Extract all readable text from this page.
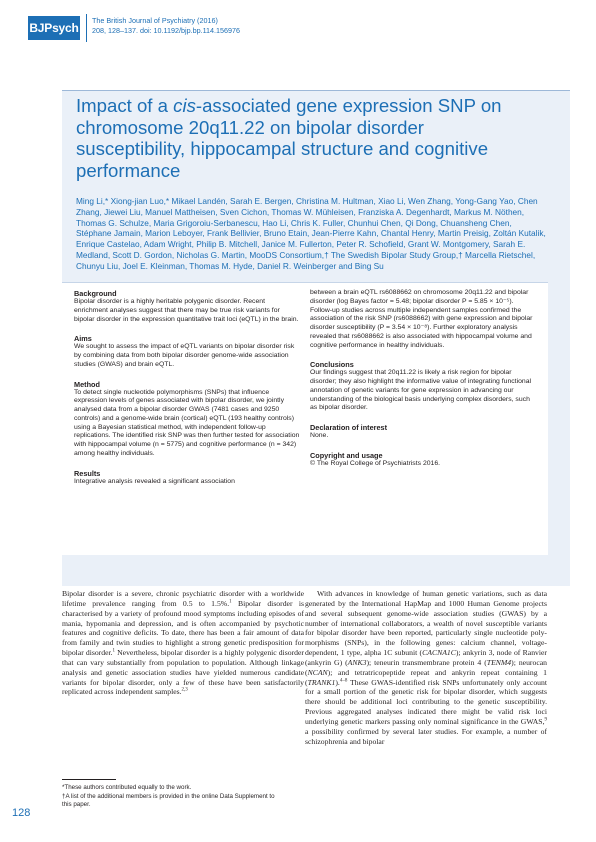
BJPsych
The British Journal of Psychiatry (2016)
208, 128–137. doi: 10.1192/bjp.bp.114.156976
Impact of a cis-associated gene expression SNP on chromosome 20q11.22 on bipolar disorder susceptibility, hippocampal structure and cognitive performance
Ming Li,* Xiong-jian Luo,* Mikael Landén, Sarah E. Bergen, Christina M. Hultman, Xiao Li, Wen Zhang, Yong-Gang Yao, Chen Zhang, Jiewei Liu, Manuel Mattheisen, Sven Cichon, Thomas W. Mühleisen, Franziska A. Degenhardt, Markus M. Nöthen, Thomas G. Schulze, Maria Grigoroiu-Serbanescu, Hao Li, Chris K. Fuller, Chunhui Chen, Qi Dong, Chuansheng Chen, Stéphane Jamain, Marion Leboyer, Frank Bellivier, Bruno Etain, Jean-Pierre Kahn, Chantal Henry, Martin Preisig, Zoltán Kutalik, Enrique Castelao, Adam Wright, Philip B. Mitchell, Janice M. Fullerton, Peter R. Schofield, Grant W. Montgomery, Sarah E. Medland, Scott D. Gordon, Nicholas G. Martin, MooDS Consortium,† The Swedish Bipolar Study Group,† Marcella Rietschel, Chunyu Liu, Joel E. Kleinman, Thomas M. Hyde, Daniel R. Weinberger and Bing Su
Background

Bipolar disorder is a highly heritable polygenic disorder. Recent enrichment analyses suggest that there may be true risk variants for bipolar disorder in the expression quantitative trait loci (eQTL) in the brain.

Aims

We sought to assess the impact of eQTL variants on bipolar disorder risk by combining data from both bipolar disorder genome-wide association studies (GWAS) and brain eQTL.

Method

To detect single nucleotide polymorphisms (SNPs) that influence expression levels of genes associated with bipolar disorder, we jointly analysed data from a bipolar disorder GWAS (7481 cases and 9250 controls) and a genome-wide brain (cortical) eQTL (193 healthy controls) using a Bayesian statistical method, with independent follow-up replications. The identified risk SNP was then further tested for association with hippocampal volume (n = 5775) and cognitive performance (n = 342) among healthy individuals.

Results

Integrative analysis revealed a significant association

between a brain eQTL rs6088662 on chromosome 20q11.22 and bipolar disorder (log Bayes factor = 5.48; bipolar disorder P = 5.85 × 10⁻⁵). Follow-up studies across multiple independent samples confirmed the association of the risk SNP (rs6088662) with gene expression and bipolar disorder susceptibility (P = 3.54 × 10⁻⁸). Further exploratory analysis revealed that rs6088662 is also associated with hippocampal volume and cognitive performance in healthy individuals.

Conclusions

Our findings suggest that 20q11.22 is likely a risk region for bipolar disorder; they also highlight the informative value of integrating functional annotation of genetic variants for gene expression in advancing our understanding of the biological basis underlying complex disorders, such as bipolar disorder.

Declaration of interest

None.

Copyright and usage

© The Royal College of Psychiatrists 2016.

Bipolar disorder is a severe, chronic psychiatric disorder with a worldwide lifetime prevalence ranging from 0.5 to 1.5%.$^1$ Bipolar disorder is characterised by a variety of profound mood symptoms including episodes of mania, hypomania and depression, and is often accompanied by psychotic features and cognitive deficits. To date, there has been a fair amount of data from family and twin studies to highlight a strong genetic predisposition for bipolar disorder.$^1$ Nevertheless, bipolar disorder is a highly polygenic disorder that can vary substantially from population to population. Although linkage analysis and genetic association studies have yielded numerous candidate variants for bipolar disorder, only a few of these have been satisfactorily replicated across independent samples.$^{2,3}$

With advances in knowledge of human genetic variations, such as data generated by the International HapMap and 1000 Human Genome projects and several subsequent genome-wide association studies (GWAS) by a number of international collaborators, a wealth of novel susceptible variants for bipolar disorder have been reported, particularly single nucleotide poly-morphisms (SNPs), in the following genes: calcium channel, voltage-dependent, 1 type, alpha 1C subunit (CACNA1C); ankyrin 3, node of Ranvier (ankyrin G) (ANK3); teneurin transmembrane protein 4 (TENM4); neurocan (NCAN); and tetratricopeptide repeat and ankyrin repeat containing 1 (TRANK1).$^{4-8}$ These GWAS-identified risk SNPs unfortunately only account for a small portion of the genetic risk for bipolar disorder, which suggests there should be additional loci contributing to the genetic susceptibility. Previous aggregated analyses indicated there might be valid risk loci underlying genetic markers passing only nominal significance in the GWAS,$^9$ a possibility confirmed by several later studies. For example, a number of schizophrenia and bipolar

*These authors contributed equally to the work.
†A list of the additional members is provided in the online Data Supplement to this paper.
128
